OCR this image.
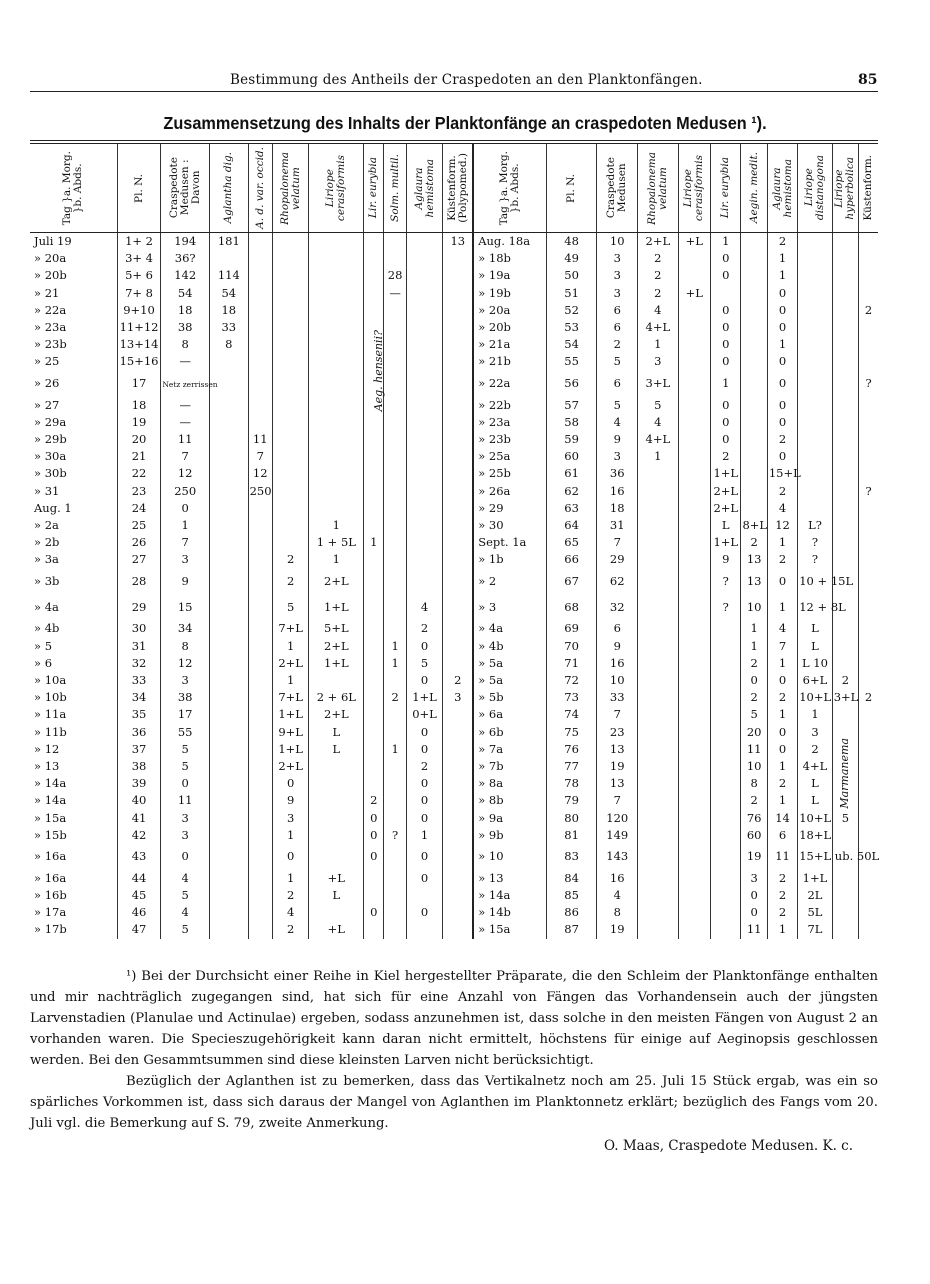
Bestimmung des Antheils der Craspedoten an den Planktonfängen.	85
Zusammensetzung des Inhalts der Planktonfänge an craspedoten Medusen ¹).
Tag }a. Morg.
}b. Abds.	Pl. N.	Craspedote
Medusen :
Davon	Aglantha dig.	A. d. var. occid.	Rhopalonema
velatum	Liriope
cerasiformis	Lir. eurybia	Solm. multil.	Aglaura
hemistoma	Küstenform.
(Polypomed.)	Tag }a. Morg.
}b. Abds.	Pl. N.	Craspedote
Medusen	Rhopalonema
velatum	Liriope
cerasiformis	Lir. eurybia	Aegin. medit.	Aglaura
hemistoma	Liriope
distanogona	Liriope
hyperbolica	Küstenform.

Juli 19	1+ 2	194	181							13	Aug. 18a	48	10	2+L	+L	1		2			
» 20a	3+ 4	36?									» 18b	49	3	2		0		1			
» 20b	5+ 6	142	114					28			» 19a	50	3	2		0		1			
» 21	7+ 8	54	54					—			» 19b	51	3	2	+L			0			
» 22a	9+10	18	18								» 20a	52	6	4		0		0			2
» 23a	11+12	38	33								» 20b	53	6	4+L		0		0			
» 23b	13+14	8	8								» 21a	54	2	1		0		1			
» 25	15+16	—									» 21b	55	5	3		0		0			
» 26	17	Netz zerrissen									» 22a	56	6	3+L		1		0			?
» 27	18	—									» 22b	57	5	5		0		0			
» 29a	19	—									» 23a	58	4	4		0		0			
» 29b	20	11		11							» 23b	59	9	4+L		0		2			
» 30a	21	7		7							» 25a	60	3	1		2		0			
» 30b	22	12		12							» 25b	61	36			1+L		15+L			
» 31	23	250		250							» 26a	62	16			2+L		2			?
Aug. 1	24	0									» 29	63	18			2+L		4			
» 2a	25	1				1					» 30	64	31			L	8+L	12	L?		
» 2b	26	7				1 + 5L	1				Sept. 1a	65	7			1+L	2	1	?		
» 3a	27	3			2	1					» 1b	66	29			9	13	2	?		
» 3b	28	9			2	2+L					» 2	67	62			?	13	0	10 + 15L		
» 4a	29	15			5	1+L			4		» 3	68	32			?	10	1	12 + 8L		
» 4b	30	34			7+L	5+L			2		» 4a	69	6				1	4	L		
» 5	31	8			1	2+L		1	0		» 4b	70	9				1	7	L		
» 6	32	12			2+L	1+L		1	5		» 5a	71	16				2	1	L 10		
» 10a	33	3			1				0	2	» 5a	72	10				0	0	6+L	2	
» 10b	34	38			7+L	2 + 6L		2	1+L	3	» 5b	73	33				2	2	10+L	3+L	2
» 11a	35	17			1+L	2+L			0+L		» 6a	74	7				5	1	1		
» 11b	36	55			9+L	L			0		» 6b	75	23				20	0	3		
» 12	37	5			1+L	L		1	0		» 7a	76	13				11	0	2		
» 13	38	5			2+L				2		» 7b	77	19				10	1	4+L		
» 14a	39	0			0				0		» 8a	78	13				8	2	L		
» 14a	40	11			9		2		0		» 8b	79	7				2	1	L		
» 15a	41	3			3		0		0		» 9a	80	120				76	14	10+L	5	
» 15b	42	3			1		0	?	1		» 9b	81	149				60	6	18+L		
» 16a	43	0			0		0		0		» 10	83	143				19	11	15+L ub. 50L		
» 16a	44	4			1	+L			0		» 13	84	16				3	2	1+L		
» 16b	45	5			2	L					» 14a	85	4				0	2	2L		
» 17a	46	4			4		0		0		» 14b	86	8				0	2	5L		
» 17b	47	5			2	+L					» 15a	87	19				11	1	7L		
Aeg. hensenii?
Marmanema

¹) Bei der Durchsicht einer Reihe in Kiel hergestellter Präparate, die den Schleim der Planktonfänge enthalten und mir nachträglich zugegangen sind, hat sich für eine Anzahl von Fängen das Vorhandensein auch der jüngsten Larvenstadien (Planulae und Actinulae) ergeben, sodass anzunehmen ist, dass solche in den meisten Fängen von August 2 an vorhanden waren. Die Specieszugehörigkeit kann daran nicht ermittelt, höchstens für einige auf Aeginopsis geschlossen werden. Bei den Gesammtsummen sind diese kleinsten Larven nicht berücksichtigt.

Bezüglich der Aglanthen ist zu bemerken, dass das Vertikalnetz noch am 25. Juli 15 Stück ergab, was ein so spärliches Vorkommen ist, dass sich daraus der Mangel von Aglanthen im Planktonnetz erklärt; bezüglich des Fangs vom 20. Juli vgl. die Bemerkung auf S. 79, zweite Anmerkung.

O. Maas, Craspedote Medusen. K. c.
